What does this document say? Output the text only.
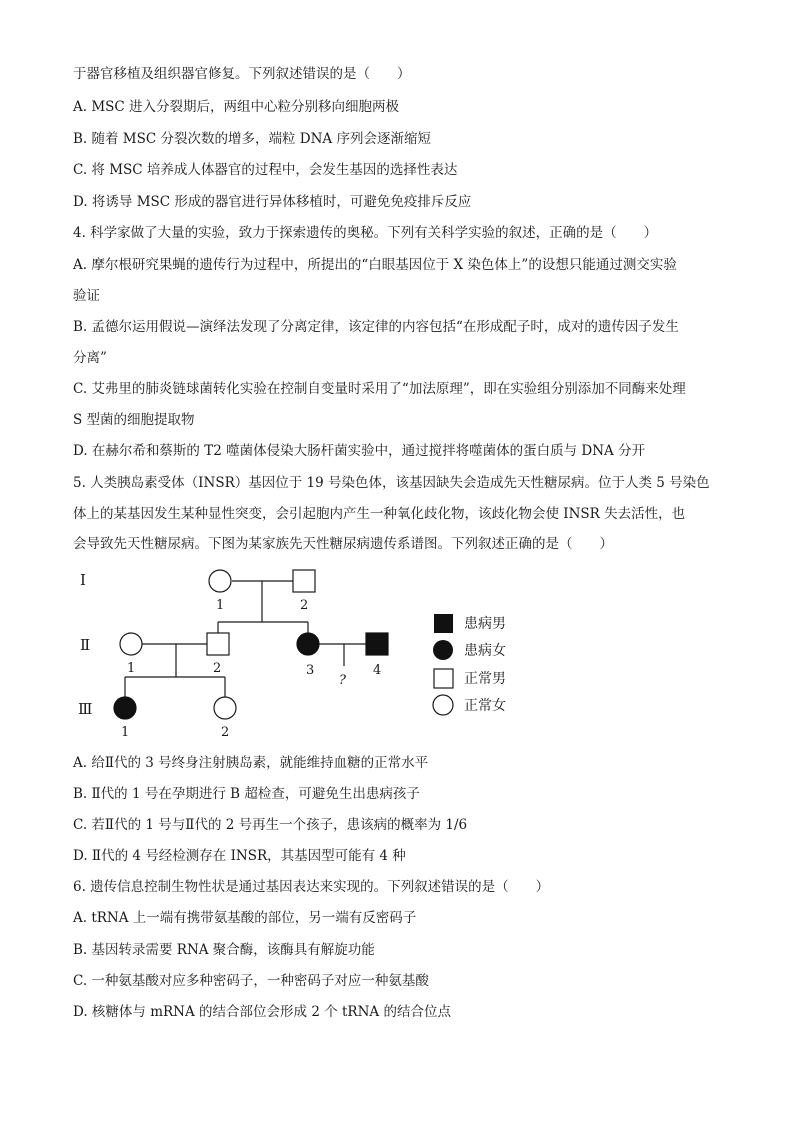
于器官移植及组织器官修复。下列叙述错误的是（　　）
A. MSC 进入分裂期后，两组中心粒分别移向细胞两极
B. 随着 MSC 分裂次数的增多，端粒 DNA 序列会逐渐缩短
C. 将 MSC 培养成人体器官的过程中，会发生基因的选择性表达
D. 将诱导 MSC 形成的器官进行异体移植时，可避免免疫排斥反应
4. 科学家做了大量的实验，致力于探索遗传的奥秘。下列有关科学实验的叙述，正确的是（　　）
A. 摩尔根研究果蝇的遗传行为过程中，所提出的“白眼基因位于 X 染色体上”的设想只能通过测交实验
验证
B. 孟德尔运用假说—演绎法发现了分离定律，该定律的内容包括“在形成配子时，成对的遗传因子发生
分离”
C. 艾弗里的肺炎链球菌转化实验在控制自变量时采用了“加法原理”，即在实验组分别添加不同酶来处理
S 型菌的细胞提取物
D. 在赫尔希和蔡斯的 T2 噬菌体侵染大肠杆菌实验中，通过搅拌将噬菌体的蛋白质与 DNA 分开
5. 人类胰岛素受体（INSR）基因位于 19 号染色体，该基因缺失会造成先天性糖尿病。位于人类 5 号染色
体上的某基因发生某种显性突变，会引起胞内产生一种氧化歧化物，该歧化物会使 INSR 失去活性，也
会导致先天性糖尿病。下图为某家族先天性糖尿病遗传系谱图。下列叙述正确的是（　　）
Ⅰ
Ⅱ
Ⅲ
1	2
1	2	3	4
1	2
?
患病男
患病女
正常男
正常女
A. 给Ⅱ代的 3 号终身注射胰岛素，就能维持血糖的正常水平
B. Ⅱ代的 1 号在孕期进行 B 超检查，可避免生出患病孩子
C. 若Ⅱ代的 1 号与Ⅱ代的 2 号再生一个孩子，患该病的概率为 1/6
D. Ⅱ代的 4 号经检测存在 INSR，其基因型可能有 4 种
6. 遗传信息控制生物性状是通过基因表达来实现的。下列叙述错误的是（　　）
A. tRNA 上一端有携带氨基酸的部位，另一端有反密码子
B. 基因转录需要 RNA 聚合酶，该酶具有解旋功能
C. 一种氨基酸对应多种密码子，一种密码子对应一种氨基酸
D. 核糖体与 mRNA 的结合部位会形成 2 个 tRNA 的结合位点
